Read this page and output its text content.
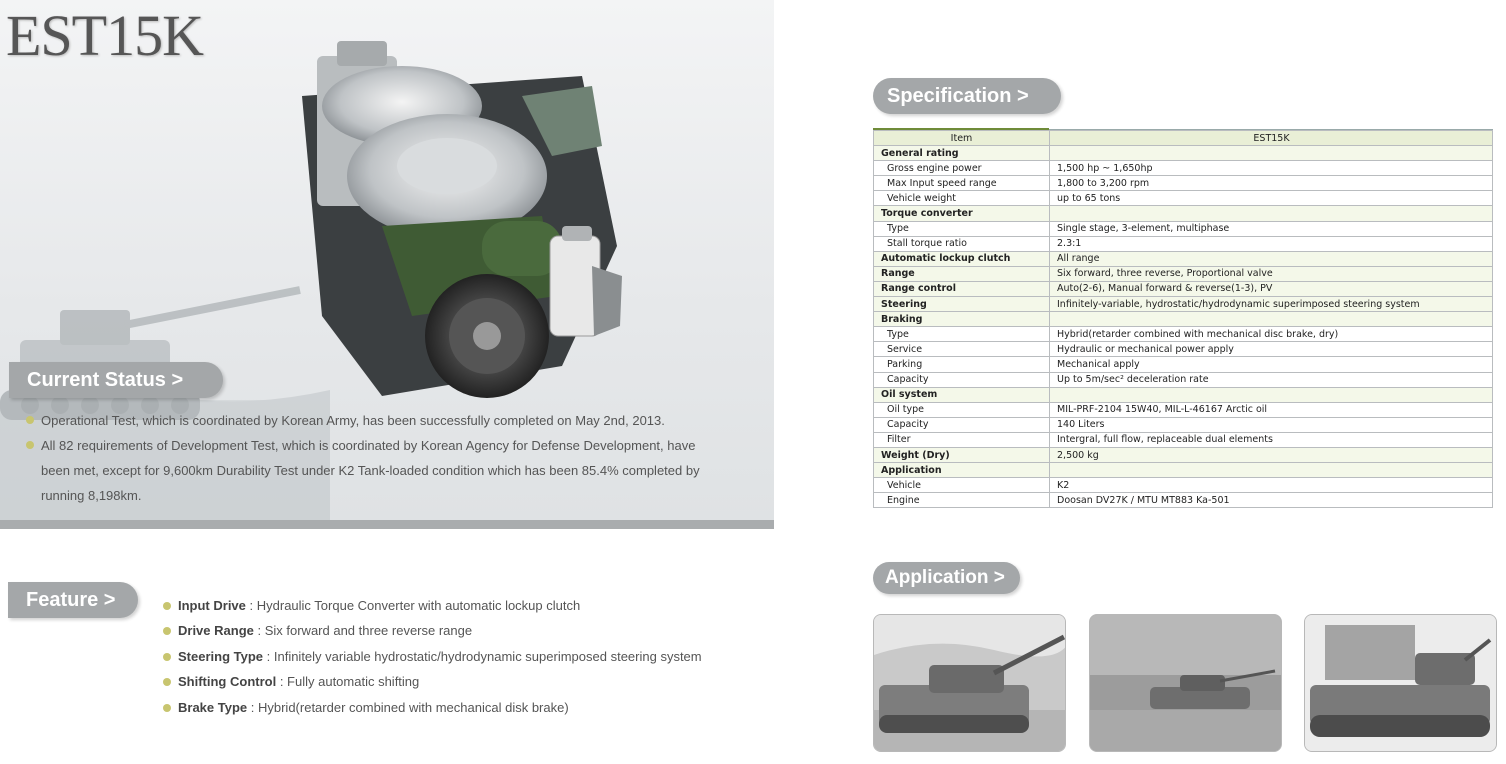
EST15K
Current Status >
Operational Test, which is coordinated by Korean Army, has been successfully completed on May 2nd, 2013.
All 82 requirements of Development Test, which is coordinated by Korean Agency for Defense Development, have been met, except for 9,600km Durability Test under K2 Tank-loaded condition which has been 85.4% completed by running 8,198km.
Feature >	Input Drive : Hydraulic Torque Converter with automatic lockup clutch
Drive Range : Six forward and three reverse range
Steering Type : Infinitely variable hydrostatic/hydrodynamic superimposed steering system
Shifting Control : Fully automatic shifting
Brake Type : Hybrid(retarder combined with mechanical disk brake)
Specification >
Item	EST15K
General rating	
Gross engine power	1,500 hp ~ 1,650hp
Max Input speed range	1,800 to 3,200 rpm
Vehicle weight	up to 65 tons
Torque converter	
Type	Single stage, 3-element, multiphase
Stall torque ratio	2.3:1
Automatic lockup clutch	All range
Range	Six forward, three reverse, Proportional valve
Range control	Auto(2-6), Manual forward & reverse(1-3), PV
Steering	Infinitely-variable, hydrostatic/hydrodynamic superimposed steering system
Braking	
Type	Hybrid(retarder combined with mechanical disc brake, dry)
Service	Hydraulic or mechanical power apply
Parking	Mechanical apply
Capacity	Up to 5m/sec² deceleration rate
Oil system	
Oil type	MIL-PRF-2104 15W40, MIL-L-46167 Arctic oil
Capacity	140 Liters
Filter	Intergral, full flow, replaceable dual elements
Weight (Dry)	2,500 kg
Application	
Vehicle	K2
Engine	Doosan DV27K / MTU MT883 Ka-501
Application >
